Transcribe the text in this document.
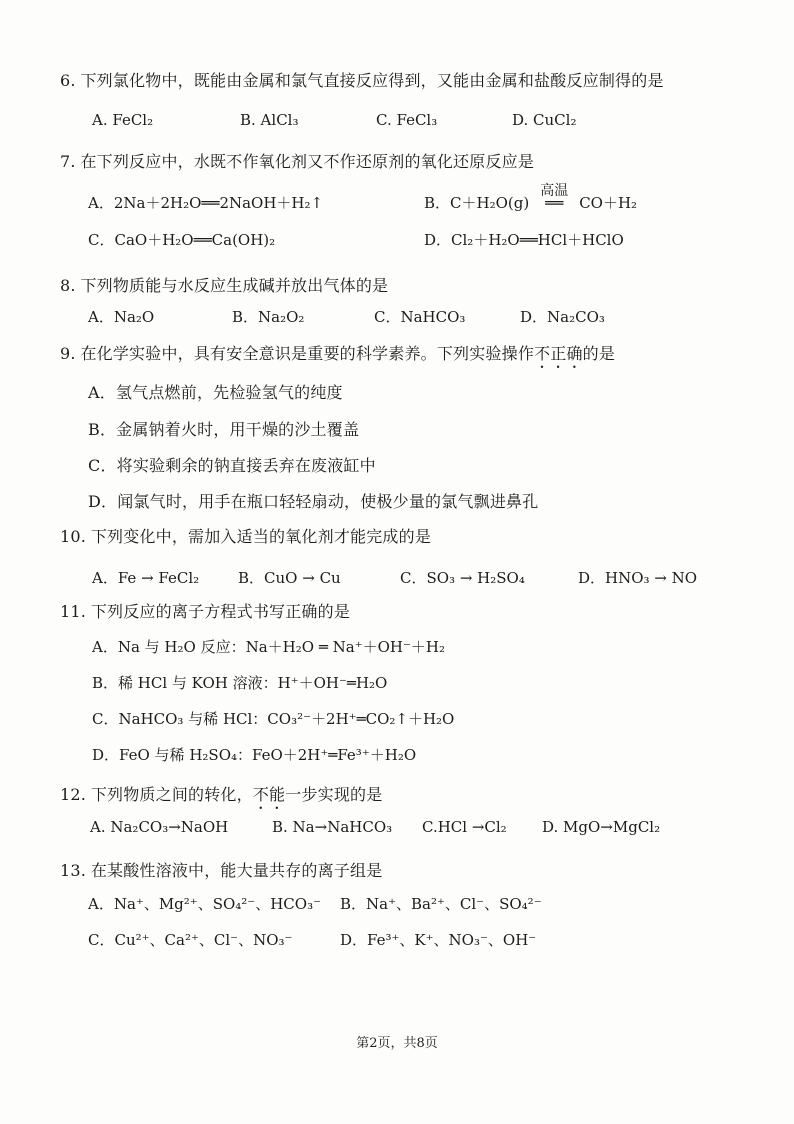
6. 下列氯化物中，既能由金属和氯气直接反应得到，又能由金属和盐酸反应制得的是
A. FeCl₂	B. AlCl₃	C. FeCl₃	D. CuCl₂
7. 在下列反应中，水既不作氧化剂又不作还原剂的氧化还原反应是
A．2Na＋2H₂O══2NaOH＋H₂↑	B．C＋H₂O(g)
高温
══ CO＋H₂
C．CaO＋H₂O══Ca(OH)₂	D．Cl₂＋H₂O══HCl＋HClO
8. 下列物质能与水反应生成碱并放出气体的是
A．Na₂O	B．Na₂O₂	C．NaHCO₃	D．Na₂CO₃
9. 在化学实验中，具有安全意识是重要的科学素养。下列实验操作不正确的是
A．氢气点燃前，先检验氢气的纯度
B．金属钠着火时，用干燥的沙土覆盖
C．将实验剩余的钠直接丢弃在废液缸中
D．闻氯气时，用手在瓶口轻轻扇动，使极少量的氯气飘进鼻孔
10. 下列变化中，需加入适当的氧化剂才能完成的是
A．Fe → FeCl₂	B．CuO → Cu	C．SO₃ → H₂SO₄	D．HNO₃ → NO
11. 下列反应的离子方程式书写正确的是
A．Na 与 H₂O 反应：Na＋H₂O ═ Na⁺＋OH⁻＋H₂
B．稀 HCl 与 KOH 溶液：H⁺＋OH⁻═H₂O
C．NaHCO₃ 与稀 HCl：CO₃²⁻＋2H⁺═CO₂↑＋H₂O
D．FeO 与稀 H₂SO₄：FeO＋2H⁺═Fe³⁺＋H₂O
12. 下列物质之间的转化，不能一步实现的是
A. Na₂CO₃→NaOH	B. Na→NaHCO₃ C.HCl →Cl₂ D. MgO→MgCl₂
13. 在某酸性溶液中，能大量共存的离子组是
A．Na⁺、Mg²⁺、SO₄²⁻、HCO₃⁻ B．Na⁺、Ba²⁺、Cl⁻、SO₄²⁻
C．Cu²⁺、Ca²⁺、Cl⁻、NO₃⁻	D．Fe³⁺、K⁺、NO₃⁻、OH⁻
第2页，共8页
